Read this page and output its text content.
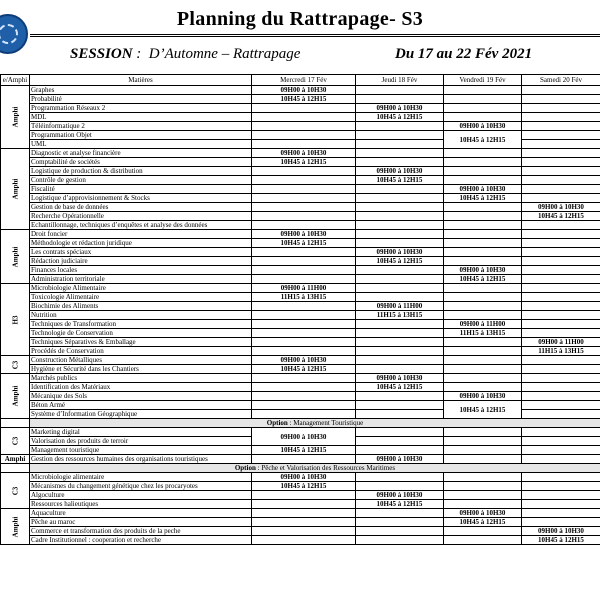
Planning du Rattrapage- S3
SESSION : D’Automne – Rattrapage	Du 17 au 22 Fév 2021
e/Amphi	Matières	Mercredi 17 Fév	Jeudi 18 Fév	Vendredi 19 Fév	Samedi 20 Fév
Amphi	Graphes	09H00 à 10H30			
	Probabilité	10H45 à 12H15			
	Programmation Réseaux 2		09H00 à 10H30		
	MDL		10H45 à 12H15		
	Téléinformatique 2			09H00 à 10H30	
	Programmation Objet			10H45 à 12H15	
	UML				
Amphi	Diagnostic et analyse financière	09H00 à 10H30			
	Comptabilité de sociétés	10H45 à 12H15			
	Logistique de production & distribution		09H00 à 10H30		
	Contrôle de gestion		10H45 à 12H15		
	Fiscalité			09H00 à 10H30	
	Logistique d’approvisionnement & Stocks			10H45 à 12H15	
	Gestion de base de données				09H00 à 10H30
	Recherche Opérationnelle				10H45 à 12H15
	Echantillonnage, techniques d’enquêtes et analyse des données				
Amphi	Droit foncier	09H00 à 10H30			
	Méthodologie et rédaction juridique	10H45 à 12H15			
	Les contrats spéciaux		09H00 à 10H30		
	Rédaction judiciaire		10H45 à 12H15		
	Finances locales			09H00 à 10H30	
	Administration territoriale			10H45 à 12H15	
H3	Microbiologie Alimentaire	09H00 à 11H00			
	Toxicologie Alimentaire	11H15 à 13H15			
	Biochimie des Aliments		09H00 à 11H00		
	Nutrition		11H15 à 13H15		
	Techniques de Transformation			09H00 à 11H00	
	Technologie de Conservation			11H15 à 13H15	
	Techniques Séparatives & Emballage				09H00 à 11H00
	Procédés de Conservation				11H15 à 13H15
C3	Construction Métalliques	09H00 à 10H30			
	Hygiène et Sécurité dans les Chantiers	10H45 à 12H15			
Amphi	Marchés publics		09H00 à 10H30		
	Identification des Matériaux		10H45 à 12H15		
	Mécanique des Sols			09H00 à 10H30	
	Béton Armé			10H45 à 12H15	
	Système d’Information Géographique				
	Option : Management Touristique				
C3	Marketing digital	09H00 à 10H30			
	Valorisation des produits de terroir				
	Management touristique	10H45 à 12H15			
Amphi	Gestion des ressources humaines des organisations touristiques		09H00 à 10H30		
	Option : Pêche et Valorisation des Ressources Maritimes				
C3	Microbiologie alimentaire	09H00 à 10H30			
	Mécanismes du changement génétique chez les procaryotes	10H45 à 12H15			
	Algoculture		09H00 à 10H30		
	Ressources halieutiques		10H45 à 12H15		
Amphi	Aquaculture			09H00 à 10H30	
	Pêche au maroc			10H45 à 12H15	
	Commerce et transformation des produits de la peche				09H00 à 10H30
	Cadre Institutionnel : cooperation et recherche				10H45 à 12H15
